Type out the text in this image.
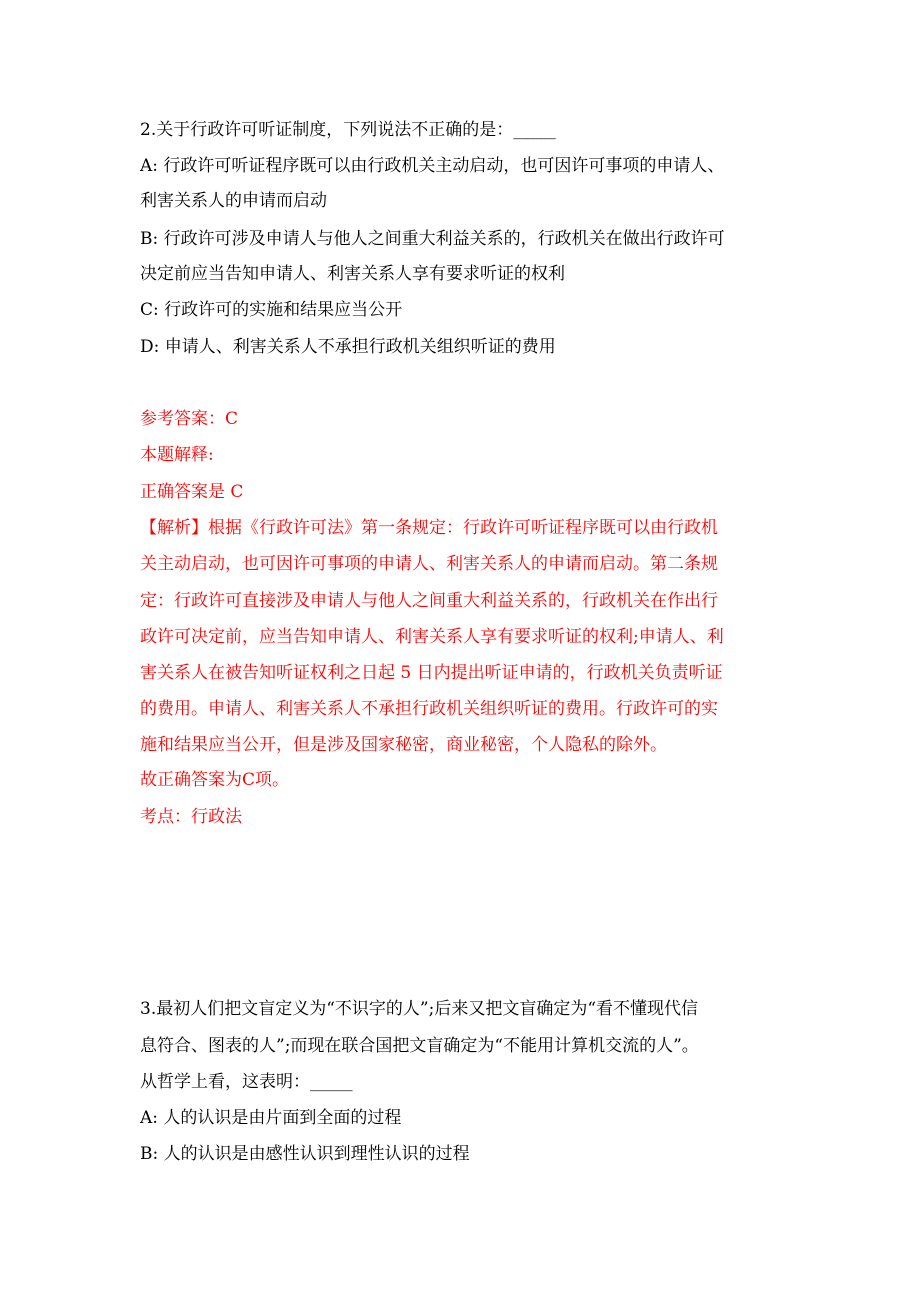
2.关于行政许可听证制度，下列说法不正确的是：_____
A: 行政许可听证程序既可以由行政机关主动启动，也可因许可事项的申请人、
利害关系人的申请而启动
B: 行政许可涉及申请人与他人之间重大利益关系的，行政机关在做出行政许可
决定前应当告知申请人、利害关系人享有要求听证的权利
C: 行政许可的实施和结果应当公开
D: 申请人、利害关系人不承担行政机关组织听证的费用
参考答案：C
本题解释:
正确答案是 C
【解析】根据《行政许可法》第一条规定：行政许可听证程序既可以由行政机
关主动启动，也可因许可事项的申请人、利害关系人的申请而启动。第二条规
定：行政许可直接涉及申请人与他人之间重大利益关系的，行政机关在作出行
政许可决定前，应当告知申请人、利害关系人享有要求听证的权利;申请人、利
害关系人在被告知听证权利之日起 5 日内提出听证申请的，行政机关负责听证
的费用。申请人、利害关系人不承担行政机关组织听证的费用。行政许可的实
施和结果应当公开，但是涉及国家秘密，商业秘密，个人隐私的除外。
故正确答案为C项。
考点：行政法
3.最初人们把文盲定义为“不识字的人”;后来又把文盲确定为“看不懂现代信
息符合、图表的人”;而现在联合国把文盲确定为“不能用计算机交流的人”。
从哲学上看，这表明：_____
A: 人的认识是由片面到全面的过程
B: 人的认识是由感性认识到理性认识的过程
